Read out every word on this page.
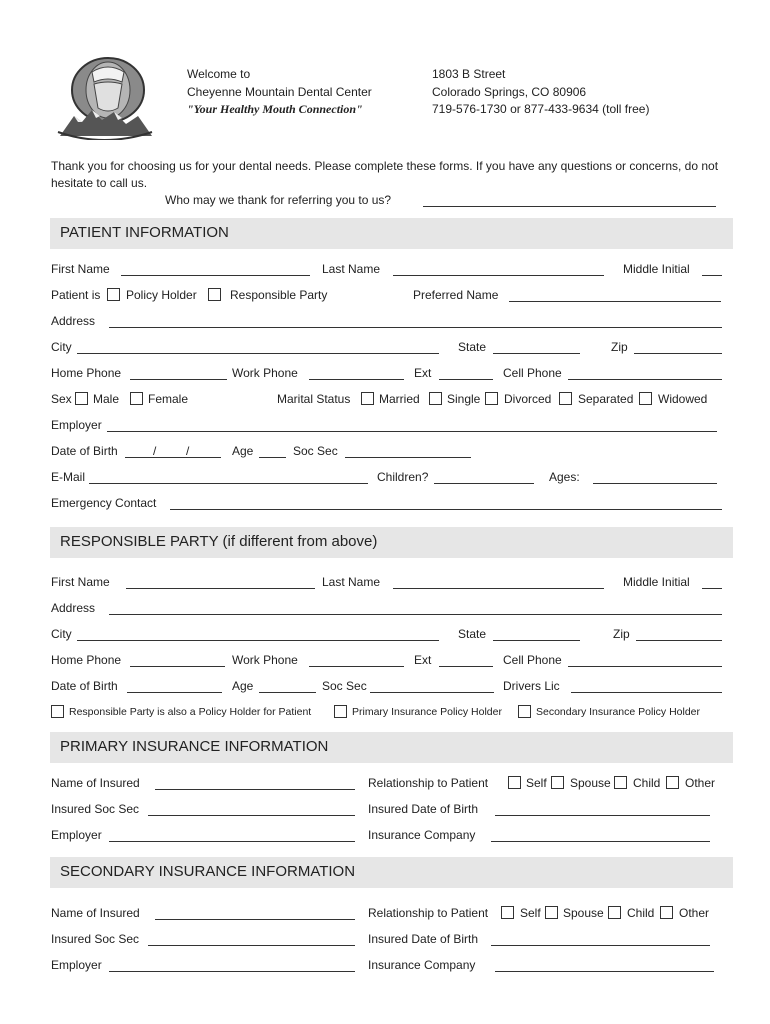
Welcome to
Cheyenne Mountain Dental Center
"Your Healthy Mouth Connection"
1803 B Street
Colorado Springs, CO 80906
719-576-1730 or 877-433-9634 (toll free)
Thank you for choosing us for your dental needs. Please complete these forms. If you have any questions or concerns, do not hesitate to call us.
Who may we thank for referring you to us?
PATIENT INFORMATION
First Name	Last Name	Middle Initial
Patient is Policy Holder	Responsible Party	Preferred Name
Address
City	State	Zip
Home Phone	Work Phone	Ext	Cell Phone
Sex Male Female	Marital Status Married Single Divorced Separated Widowed
Employer
Date of Birth	/ /	Age	Soc Sec
E-Mail	Children?	Ages:
Emergency Contact
RESPONSIBLE PARTY (if different from above)
First Name	Last Name	Middle Initial
Address
City	State	Zip
Home Phone	Work Phone	Ext	Cell Phone
Date of Birth	Age	Soc Sec	Drivers Lic
Responsible Party is also a Policy Holder for Patient	Primary Insurance Policy Holder	Secondary Insurance Policy Holder
PRIMARY INSURANCE INFORMATION
Name of Insured	Relationship to Patient	Self Spouse Child Other
Insured Soc Sec	Insured Date of Birth
Employer	Insurance Company
SECONDARY INSURANCE INFORMATION
Name of Insured	Relationship to Patient	Self Spouse Child Other
Insured Soc Sec	Insured Date of Birth
Employer	Insurance Company
